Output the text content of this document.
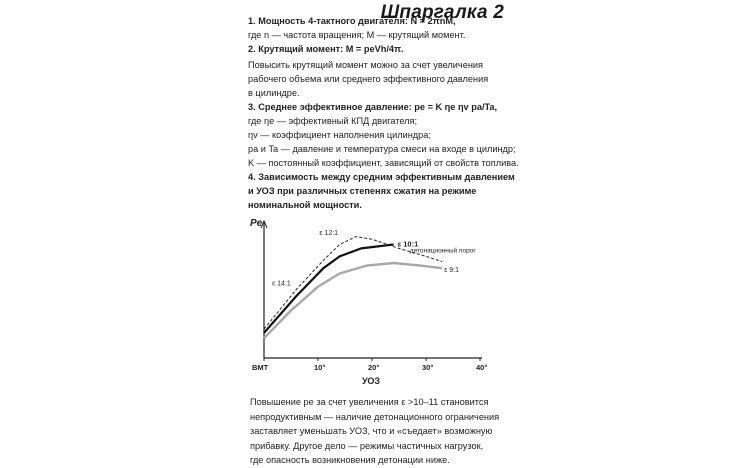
Шпаргалка 2
1. Мощность 4-тактного двигателя: N = 2πnM,
где n — частота вращения; M — крутящий момент.
2. Крутящий момент: M = peVh/4π.
Повысить крутящий момент можно за счет увеличения
рабочего объема или среднего эффективного давления
в цилиндре.
3. Среднее эффективное давление: pe = K ηe ηv pa/Ta,
где ηe — эффективный КПД двигателя;
ηv — коэффициент наполнения цилиндра;
pa и Ta — давление и температура смеси на входе в цилиндр;
K — постоянный коэффициент, зависящий от свойств топлива.
4. Зависимость между средним эффективным давлением
и УОЗ при различных степенях сжатия на режиме
номинальной мощности.
Pe
ВМТ	10°	20°	30°	40°
УОЗ
ε 12:1
ε 10:1
ε 9:1
ε 14:1
детонационный порог
Повышение pe за счет увеличения ε >10–11 становится
непродуктивным — наличие детонационного ограничения
заставляет уменьшать УОЗ, что и «съедает» возможную
прибавку. Другое дело — режимы частичных нагрузок,
где опасность возникновения детонации ниже.
